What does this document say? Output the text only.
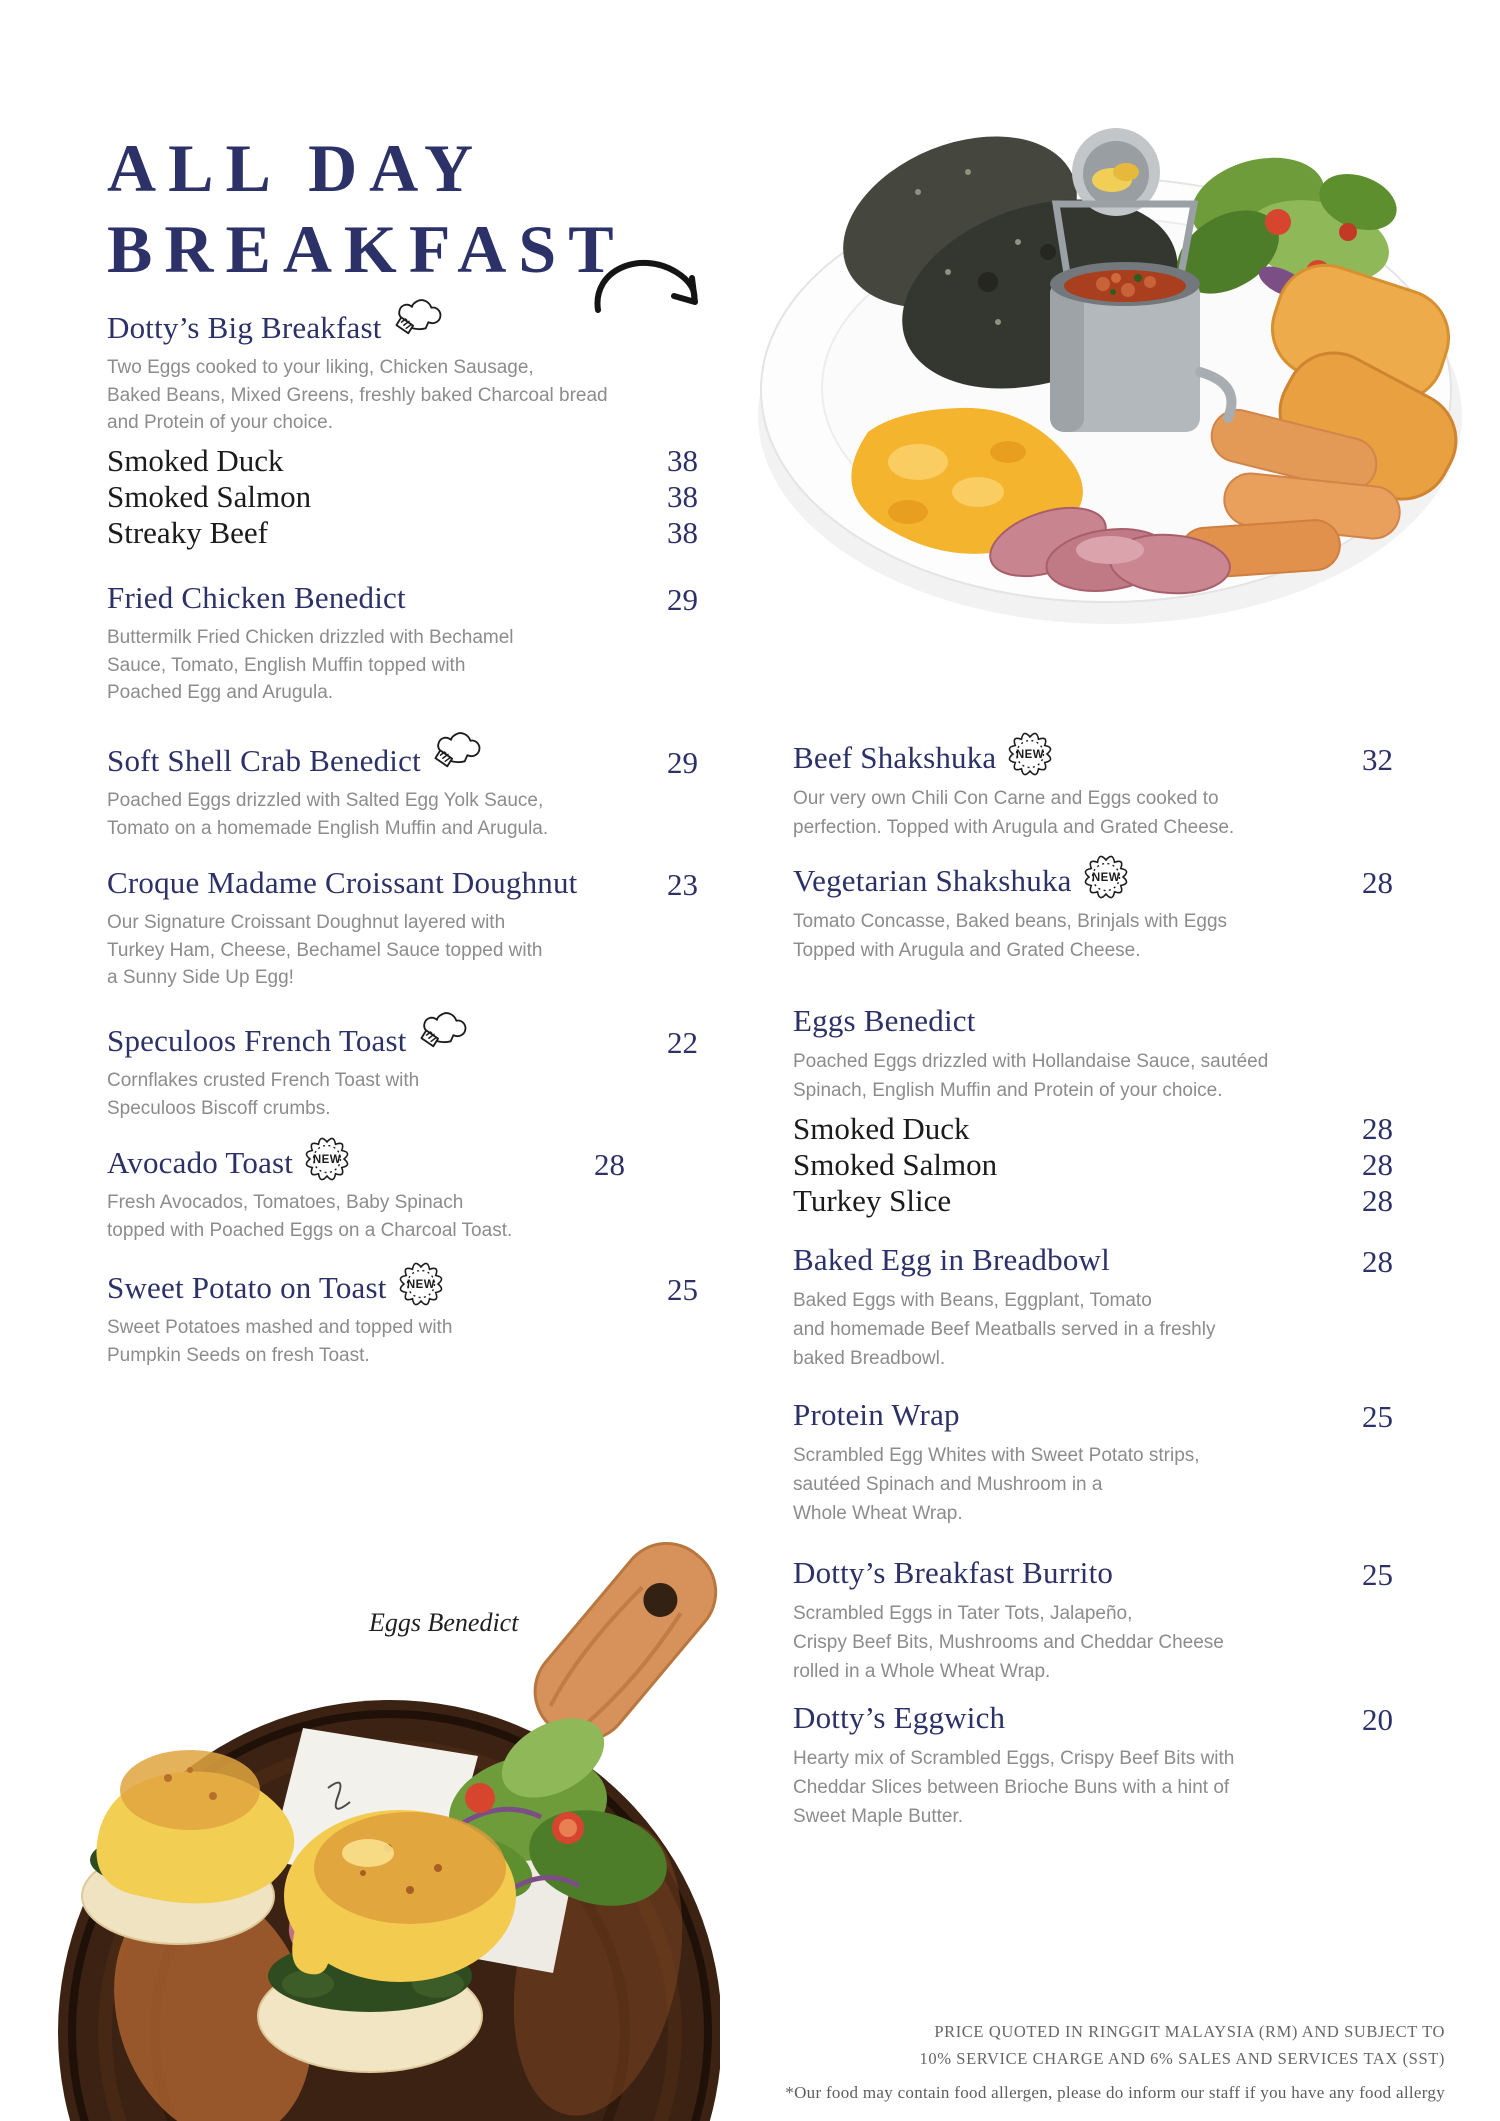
ALL DAY
BREAKFAST
Dotty’s Big Breakfast
Two Eggs cooked to your liking, Chicken Sausage,
Baked Beans, Mixed Greens, freshly baked Charcoal bread
and Protein of your choice.
Smoked Duck	38
Smoked Salmon	38
Streaky Beef	38
Fried Chicken Benedict	29
Buttermilk Fried Chicken drizzled with Bechamel
Sauce, Tomato, English Muffin topped with
Poached Egg and Arugula.
Soft Shell Crab Benedict	29
Poached Eggs drizzled with Salted Egg Yolk Sauce,
Tomato on a homemade English Muffin and Arugula.
Croque Madame Croissant Doughnut	23
Our Signature Croissant Doughnut layered with
Turkey Ham, Cheese, Bechamel Sauce topped with
a Sunny Side Up Egg!
Speculoos French Toast	22
Cornflakes crusted French Toast with
Speculoos Biscoff crumbs.
Avocado Toast NEW	28
Fresh Avocados, Tomatoes, Baby Spinach
topped with Poached Eggs on a Charcoal Toast.
Sweet Potato on Toast NEW	25
Sweet Potatoes mashed and topped with
Pumpkin Seeds on fresh Toast.
Beef Shakshuka NEW	32
Our very own Chili Con Carne and Eggs cooked to
perfection. Topped with Arugula and Grated Cheese.
Vegetarian Shakshuka NEW	28
Tomato Concasse, Baked beans, Brinjals with Eggs
Topped with Arugula and Grated Cheese.
Eggs Benedict
Poached Eggs drizzled with Hollandaise Sauce, sautéed
Spinach, English Muffin and Protein of your choice.
Smoked Duck	28
Smoked Salmon	28
Turkey Slice	28
Baked Egg in Breadbowl	28
Baked Eggs with Beans, Eggplant, Tomato
and homemade Beef Meatballs served in a freshly
baked Breadbowl.
Protein Wrap	25
Scrambled Egg Whites with Sweet Potato strips,
sautéed Spinach and Mushroom in a
Whole Wheat Wrap.
Dotty’s Breakfast Burrito	25
Scrambled Eggs in Tater Tots, Jalapeño,
Crispy Beef Bits, Mushrooms and Cheddar Cheese
rolled in a Whole Wheat Wrap.
Dotty’s Eggwich	20
Hearty mix of Scrambled Eggs, Crispy Beef Bits with
Cheddar Slices between Brioche Buns with a hint of
Sweet Maple Butter.
Eggs Benedict
PRICE QUOTED IN RINGGIT MALAYSIA (RM) AND SUBJECT TO
10% SERVICE CHARGE AND 6% SALES AND SERVICES TAX (SST)
*Our food may contain food allergen, please do inform our staff if you have any food allergy
